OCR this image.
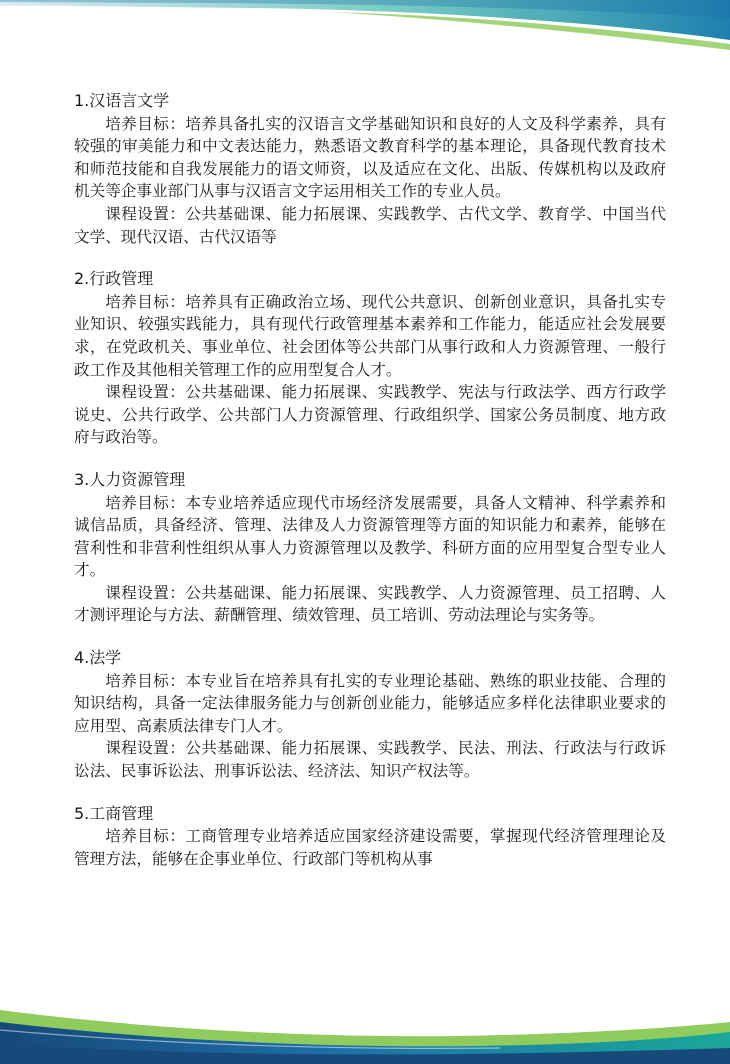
1.汉语言文学

培养目标：培养具备扎实的汉语言文学基础知识和良好的人文及科学素养，具有较强的审美能力和中文表达能力，熟悉语文教育科学的基本理论，具备现代教育技术和师范技能和自我发展能力的语文师资，以及适应在文化、出版、传媒机构以及政府机关等企事业部门从事与汉语言文字运用相关工作的专业人员。

课程设置：公共基础课、能力拓展课、实践教学、古代文学、教育学、中国当代文学、现代汉语、古代汉语等

2.行政管理

培养目标：培养具有正确政治立场、现代公共意识、创新创业意识，具备扎实专业知识、较强实践能力，具有现代行政管理基本素养和工作能力，能适应社会发展要求，在党政机关、事业单位、社会团体等公共部门从事行政和人力资源管理、一般行政工作及其他相关管理工作的应用型复合人才。

课程设置：公共基础课、能力拓展课、实践教学、宪法与行政法学、西方行政学说史、公共行政学、公共部门人力资源管理、行政组织学、国家公务员制度、地方政府与政治等。

3.人力资源管理

培养目标：本专业培养适应现代市场经济发展需要，具备人文精神、科学素养和诚信品质，具备经济、管理、法律及人力资源管理等方面的知识能力和素养，能够在营利性和非营利性组织从事人力资源管理以及教学、科研方面的应用型复合型专业人才。

课程设置：公共基础课、能力拓展课、实践教学、人力资源管理、员工招聘、人才测评理论与方法、薪酬管理、绩效管理、员工培训、劳动法理论与实务等。

4.法学

培养目标：本专业旨在培养具有扎实的专业理论基础、熟练的职业技能、合理的知识结构，具备一定法律服务能力与创新创业能力，能够适应多样化法律职业要求的应用型、高素质法律专门人才。

课程设置：公共基础课、能力拓展课、实践教学、民法、刑法、行政法与行政诉讼法、民事诉讼法、刑事诉讼法、经济法、知识产权法等。

5.工商管理

培养目标：工商管理专业培养适应国家经济建设需要，掌握现代经济管理理论及管理方法，能够在企事业单位、行政部门等机构从事
